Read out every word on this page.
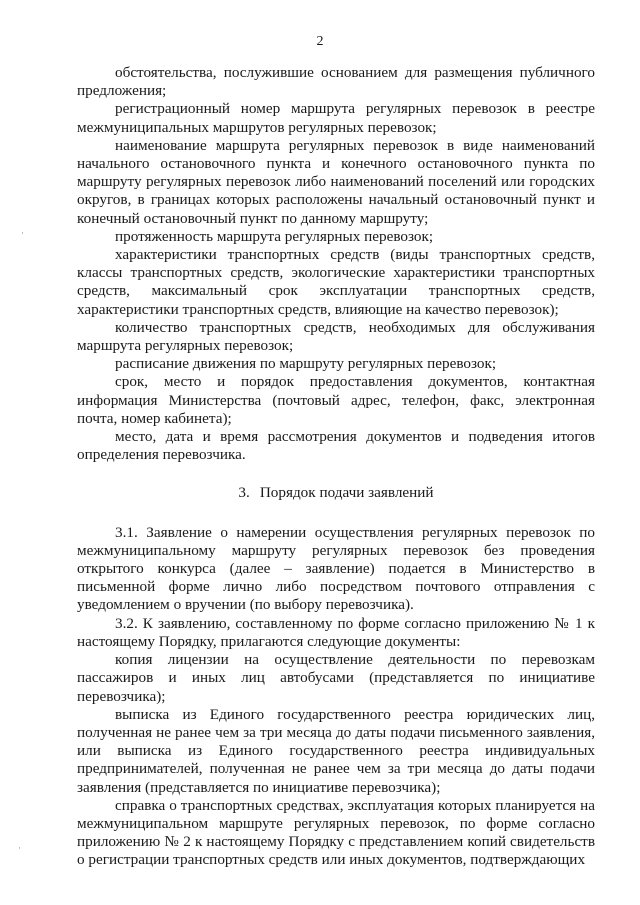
2

обстоятельства, послужившие основанием для размещения публичного предложения;

регистрационный номер маршрута регулярных перевозок в реестре межмуниципальных маршрутов регулярных перевозок;

наименование маршрута регулярных перевозок в виде наименований начального остановочного пункта и конечного остановочного пункта по маршруту регулярных перевозок либо наименований поселений или городских округов, в границах которых расположены начальный остановочный пункт и конечный остановочный пункт по данному маршруту;

протяженность маршрута регулярных перевозок;

характеристики транспортных средств (виды транспортных средств, классы транспортных средств, экологические характеристики транспортных средств, максимальный срок эксплуатации транспортных средств, характеристики транспортных средств, влияющие на качество перевозок);

количество транспортных средств, необходимых для обслуживания маршрута регулярных перевозок;

расписание движения по маршруту регулярных перевозок;

срок, место и порядок предоставления документов, контактная информация Министерства (почтовый адрес, телефон, факс, электронная почта, номер кабинета);

место, дата и время рассмотрения документов и подведения итогов определения перевозчика.

3. Порядок подачи заявлений

3.1. Заявление о намерении осуществления регулярных перевозок по межмуниципальному маршруту регулярных перевозок без проведения открытого конкурса (далее – заявление) подается в Министерство в письменной форме лично либо посредством почтового отправления с уведомлением о вручении (по выбору перевозчика).

3.2. К заявлению, составленному по форме согласно приложению № 1 к настоящему Порядку, прилагаются следующие документы:

копия лицензии на осуществление деятельности по перевозкам пассажиров и иных лиц автобусами (представляется по инициативе перевозчика);

выписка из Единого государственного реестра юридических лиц, полученная не ранее чем за три месяца до даты подачи письменного заявления, или выписка из Единого государственного реестра индивидуальных предпринимателей, полученная не ранее чем за три месяца до даты подачи заявления (представляется по инициативе перевозчика);

справка о транспортных средствах, эксплуатация которых планируется на межмуниципальном маршруте регулярных перевозок, по форме согласно приложению № 2 к настоящему Порядку с представлением копий свидетельств о регистрации транспортных средств или иных документов, подтверждающих

·
·
